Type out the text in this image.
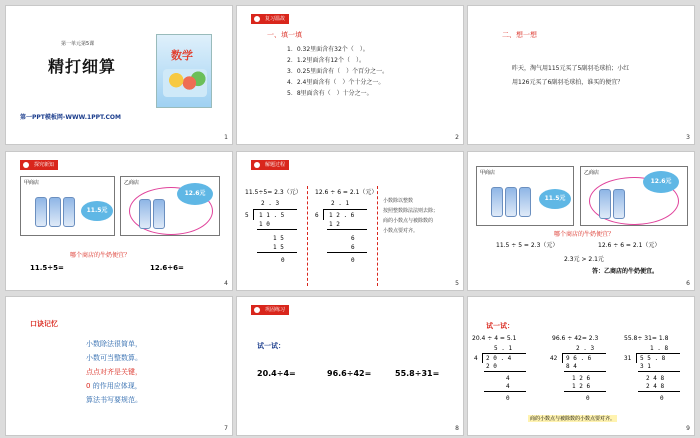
第一单元第5课
精打细算
数学
第一PPT模板网-WWW.1PPT.COM
1
复习温故
一、填一填
1．0.32里面含有32个（　）。
2．1.2里面含有12个（　）。
3．0.25里面含有（　）个百分之一。
4．2.4里面含有（　）个十分之一。
5．8里面含有（　）十分之一。
2
二、想一想
昨天，淘气用115元买了5副羽毛球拍；小红
用126元买了6副羽毛球拍，谁买的便宜？
3
探究新知
甲商店
11.5元
乙商店
12.6元
哪个商店的牛奶便宜？
11.5÷5=	12.6÷6=
4
解题过程
11.5÷5= 2.3（元） 12.6 ÷ 6 = 2.1（元）
2 . 3
5 1 1 . 5
1 0
1 5
1 5
0
2 . 1
6 1 2 . 6
1 2
6
6
0
小数除以整数
按照整数除法法则去除；
商的小数点与被除数的
小数点要对齐。
5
甲商店
11.5元
乙商店
12.6元
哪个商店的牛奶便宜？
11.5 ÷ 5 = 2.3（元）	12.6 ÷ 6 = 2.1（元）
2.3元 > 2.1元
答：乙商店的牛奶便宜。
6
口诀记忆
小数除法很简单，
小数可当整数算。
点点对齐是关键，
0 的作用应体现，
算法书写要规范。
7
巩固练习
试一试：
20.4÷4=	96.6÷42=	55.8÷31=
8
试一试：
20.4 ÷ 4 = 5.1	96.6 ÷ 42= 2.3	55.8÷ 31= 1.8
5 . 1
4 2 0 . 4
2 0
4
4
0
2 . 3
42 9 6 . 6
8 4
1 2 6
1 2 6
0
1 . 8
31 5 5 . 8
3 1
2 4 8
2 4 8
0
商的小数点与被除数的小数点要对齐。
9
